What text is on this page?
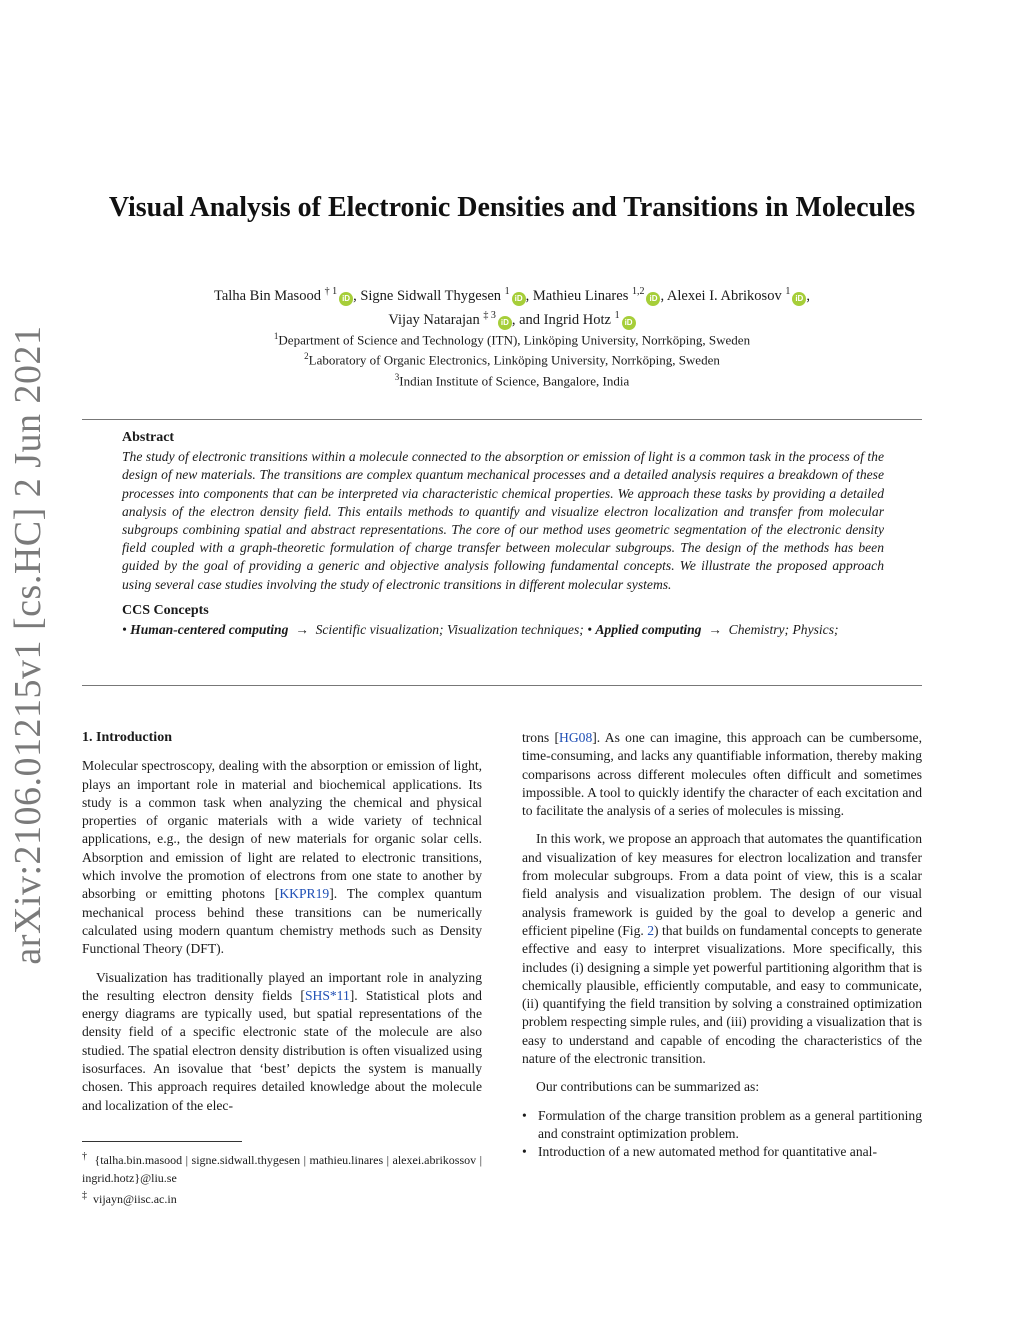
arXiv:2106.01215v1 [cs.HC] 2 Jun 2021
Visual Analysis of Electronic Densities and Transitions in Molecules
Talha Bin Masood $^{\dagger 1}$iD , Signe Sidwall Thygesen $^1$iD , Mathieu Linares $^{1,2}$iD , Alexei I. Abrikosov $^1$iD ,
Vijay Natarajan $^{\ddagger 3}$iD , and Ingrid Hotz $^1$iD
$^1$Department of Science and Technology (ITN), Linköping University, Norrköping, Sweden
$^2$Laboratory of Organic Electronics, Linköping University, Norrköping, Sweden
$^3$Indian Institute of Science, Bangalore, India
Abstract

The study of electronic transitions within a molecule connected to the absorption or emission of light is a common task in the process of the design of new materials. The transitions are complex quantum mechanical processes and a detailed analysis requires a breakdown of these processes into components that can be interpreted via characteristic chemical properties. We approach these tasks by providing a detailed analysis of the electron density field. This entails methods to quantify and visualize electron localization and transfer from molecular subgroups combining spatial and abstract representations. The core of our method uses geometric segmentation of the electronic density field coupled with a graph-theoretic formulation of charge transfer between molecular subgroups. The design of the methods has been guided by the goal of providing a generic and objective analysis following fundamental concepts. We illustrate the proposed approach using several case studies involving the study of electronic transitions in different molecular systems.

CCS Concepts

• Human-centered computing → Scientific visualization; Visualization techniques; • Applied computing → Chemistry; Physics;

1. Introduction

Molecular spectroscopy, dealing with the absorption or emission of light, plays an important role in material and biochemical applications. Its study is a common task when analyzing the chemical and physical properties of organic materials with a wide variety of technical applications, e.g., the design of new materials for organic solar cells. Absorption and emission of light are related to electronic transitions, which involve the promotion of electrons from one state to another by absorbing or emitting photons [KKPR19]. The complex quantum mechanical process behind these transitions can be numerically calculated using modern quantum chemistry methods such as Density Functional Theory (DFT).

Visualization has traditionally played an important role in analyzing the resulting electron density fields [SHS*11]. Statistical plots and energy diagrams are typically used, but spatial representations of the density field of a specific electronic state of the molecule are also studied. The spatial electron density distribution is often visualized using isosurfaces. An isovalue that ‘best’ depicts the system is manually chosen. This approach requires detailed knowledge about the molecule and localization of the elec-

trons [HG08]. As one can imagine, this approach can be cumbersome, time-consuming, and lacks any quantifiable information, thereby making comparisons across different molecules often difficult and sometimes impossible. A tool to quickly identify the character of each excitation and to facilitate the analysis of a series of molecules is missing.

In this work, we propose an approach that automates the quantification and visualization of key measures for electron localization and transfer from molecular subgroups. From a data point of view, this is a scalar field analysis and visualization problem. The design of our visual analysis framework is guided by the goal to develop a generic and efficient pipeline (Fig. 2) that builds on fundamental concepts to generate effective and easy to interpret visualizations. More specifically, this includes (i) designing a simple yet powerful partitioning algorithm that is chemically plausible, efficiently computable, and easy to communicate, (ii) quantifying the field transition by solving a constrained optimization problem respecting simple rules, and (iii) providing a visualization that is easy to understand and capable of encoding the characteristics of the nature of the electronic transition.

Our contributions can be summarized as:

• Formulation of the charge transition problem as a general partitioning and constraint optimization problem.
• Introduction of a new automated method for quantitative anal-
† {talha.bin.masood | signe.sidwall.thygesen | mathieu.linares | alexei.abrikossov | ingrid.hotz}@liu.se
‡ vijayn@iisc.ac.in
